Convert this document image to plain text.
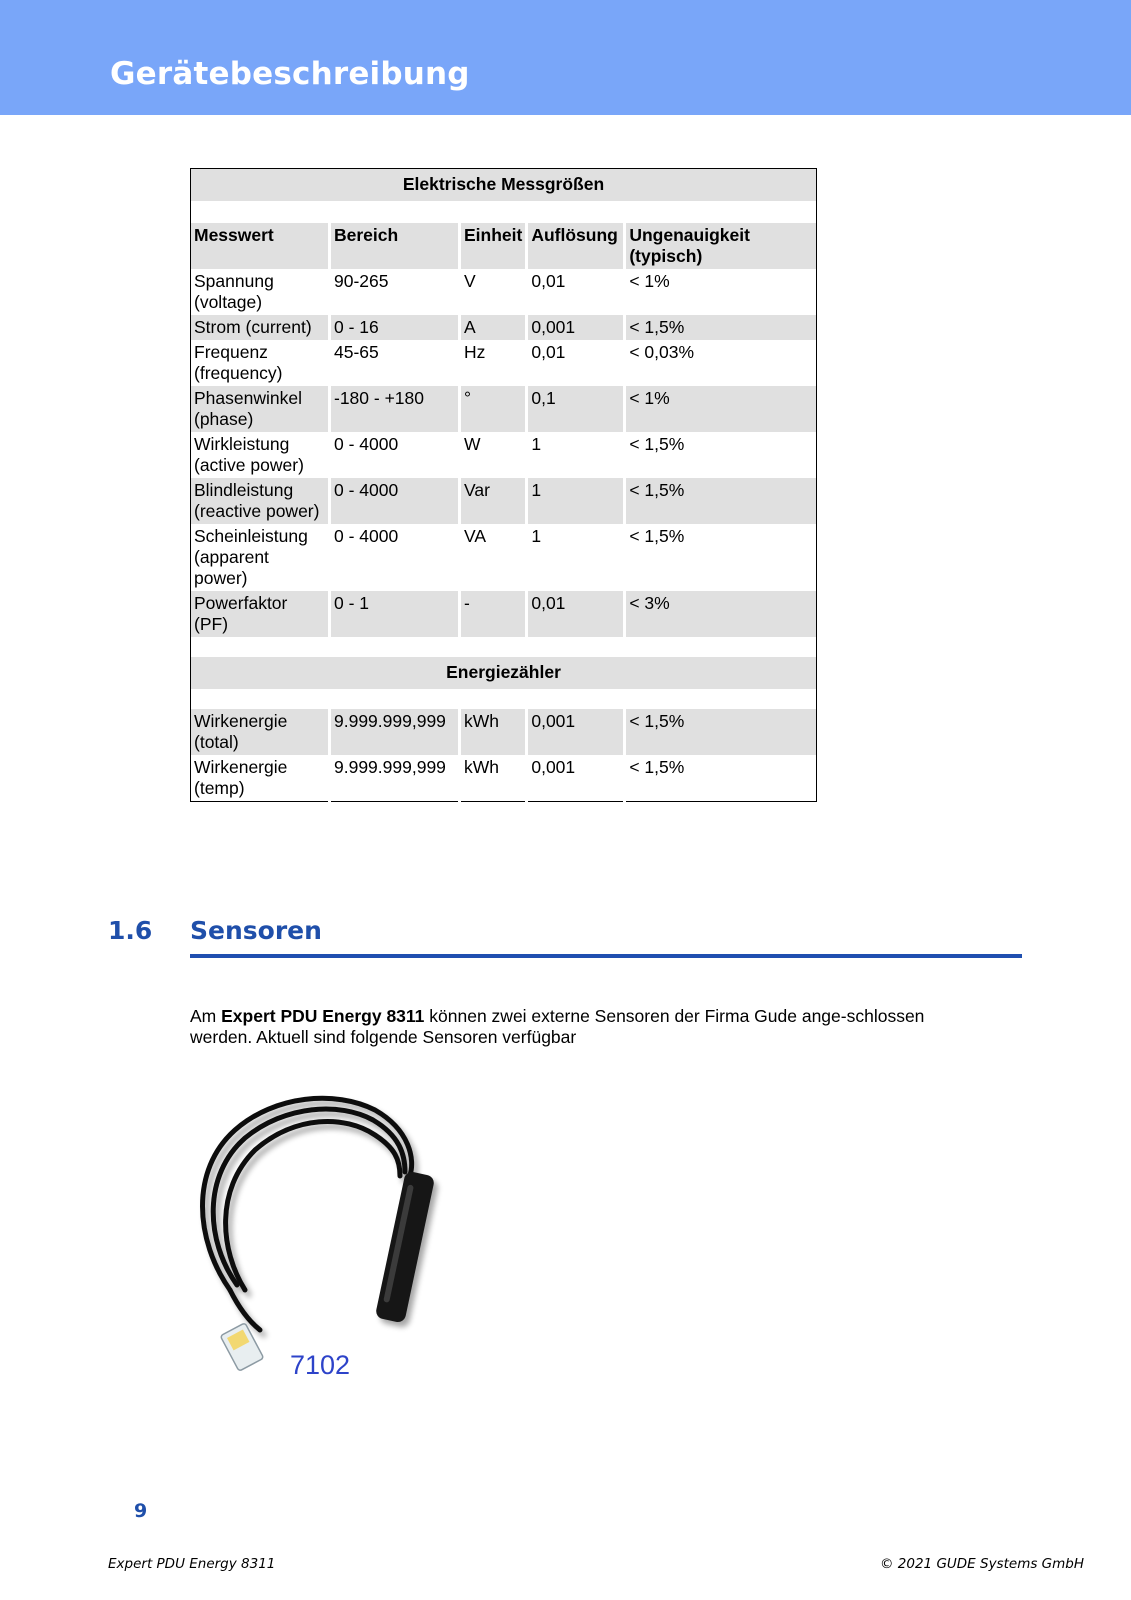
Gerätebeschreibung
Elektrische Messgrößen				

Messwert	Bereich	Einheit	Auflösung	Ungenauigkeit (typisch)
Spannung (voltage)	90-265	V	0,01	< 1%
Strom (current)	0 - 16	A	0,001	< 1,5%
Frequenz (frequency)	45-65	Hz	0,01	< 0,03%
Phasenwinkel (phase)	-180 - +180	°	0,1	< 1%
Wirkleistung (active power)	0 - 4000	W	1	< 1,5%
Blindleistung (reactive power)	0 - 4000	Var	1	< 1,5%
Scheinleistung (apparent power)	0 - 4000	VA	1	< 1,5%
Powerfaktor (PF)	0 - 1	-	0,01	< 3%

Energiezähler				

Wirkenergie (total)	9.999.999,999	kWh	0,001	< 1,5%
Wirkenergie (temp)	9.999.999,999	kWh	0,001	< 1,5%
1.6 Sensoren
Am Expert PDU Energy 8311 können zwei externe Sensoren der Firma Gude ange-schlossen werden. Aktuell sind folgende Sensoren verfügbar
7102
9
Expert PDU Energy 8311	© 2021 GUDE Systems GmbH
